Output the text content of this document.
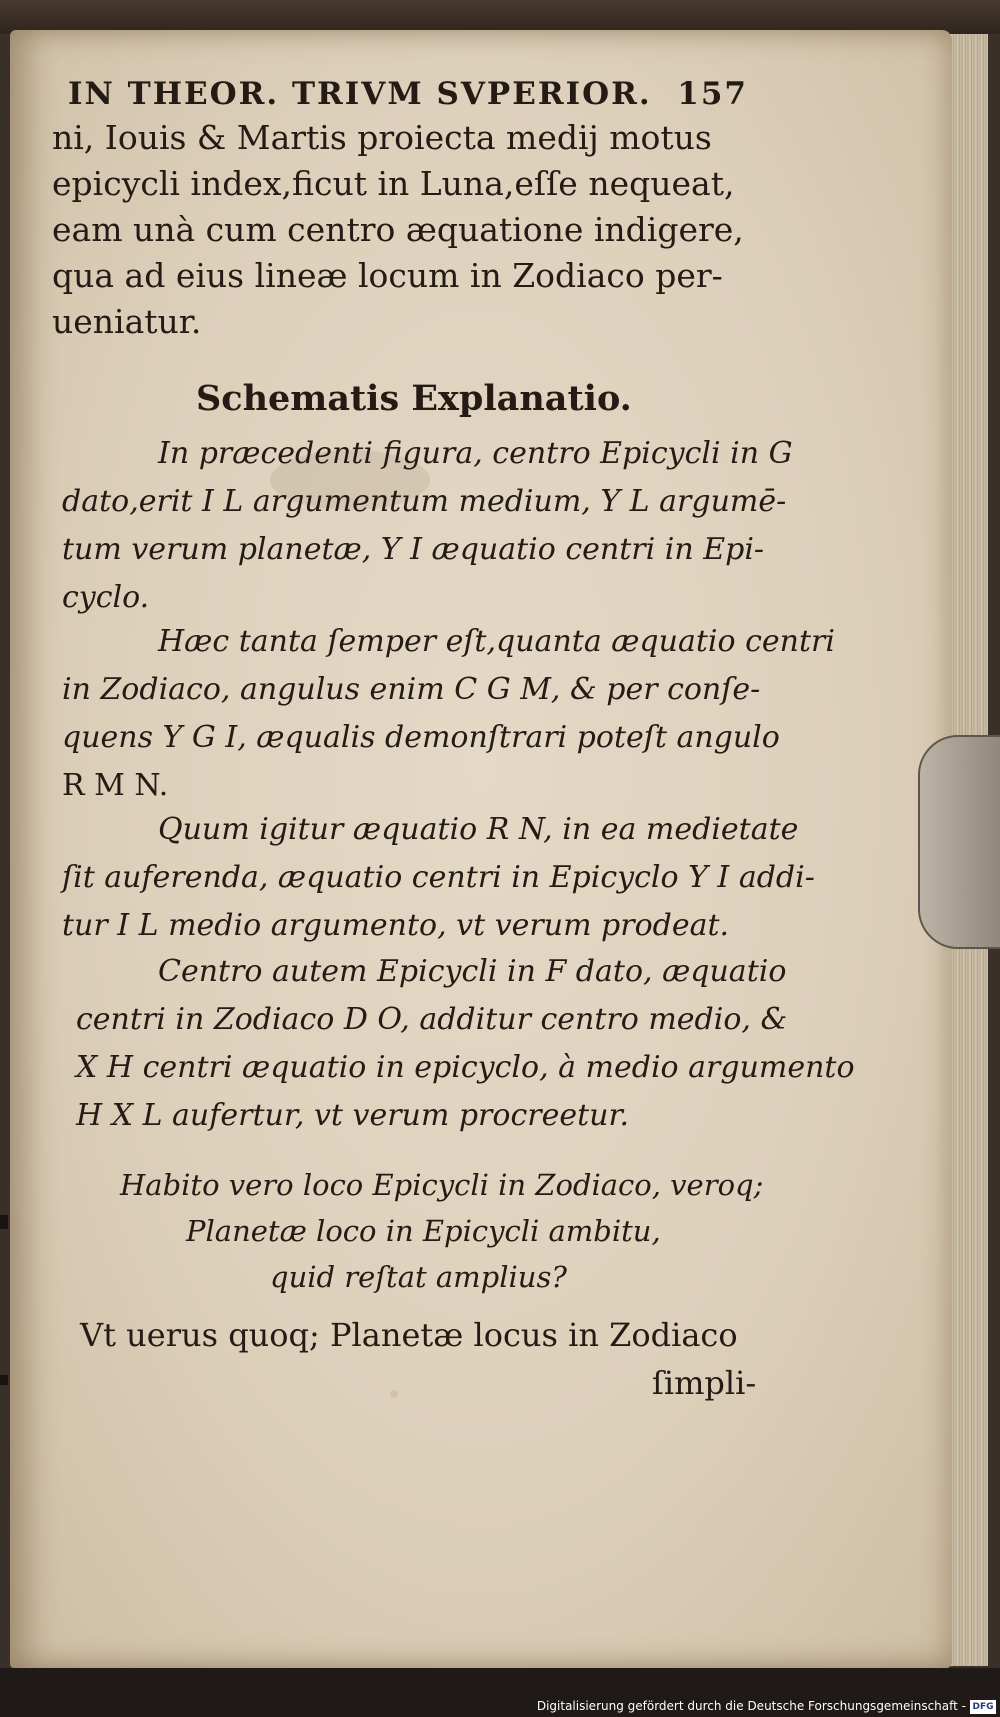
IN THEOR. TRIVM SVPERIOR. 157
ni, Iouis & Martis proiecta medij motus
epicycli index,ficut in Luna,eſſe nequeat,
eam unà cum centro æquatione indigere,
qua ad eius lineæ locum in Zodiaco per-
ueniatur.
Schematis Explanatio.
In præcedenti figura, centro Epicycli in G
dato,erit I L argumentum medium, Y L argumē-
tum verum planetæ, Y I æquatio centri in Epi-
cyclo.
Hæc tanta ſemper eſt,quanta æquatio centri
in Zodiaco, angulus enim C G M, & per conſe-
quens Y G I, æqualis demonſtrari poteſt angulo
R M N.
Quum igitur æquatio R N, in ea medietate
ſit auferenda, æquatio centri in Epicyclo Y I addi-
tur I L medio argumento, vt verum prodeat.
Centro autem Epicycli in F dato, æquatio
centri in Zodiaco D O, additur centro medio, &
X H centri æquatio in epicyclo, à medio argumento
H X L aufertur, vt verum procreetur.
Habito vero loco Epicycli in Zodiaco, veroq;
Planetæ loco in Epicycli ambitu,
quid reſtat amplius?
Vt uerus quoq; Planetæ locus in Zodiaco
ſimpli-
Digitalisierung gefördert durch die Deutsche Forschungsgemeinschaft - DFG
